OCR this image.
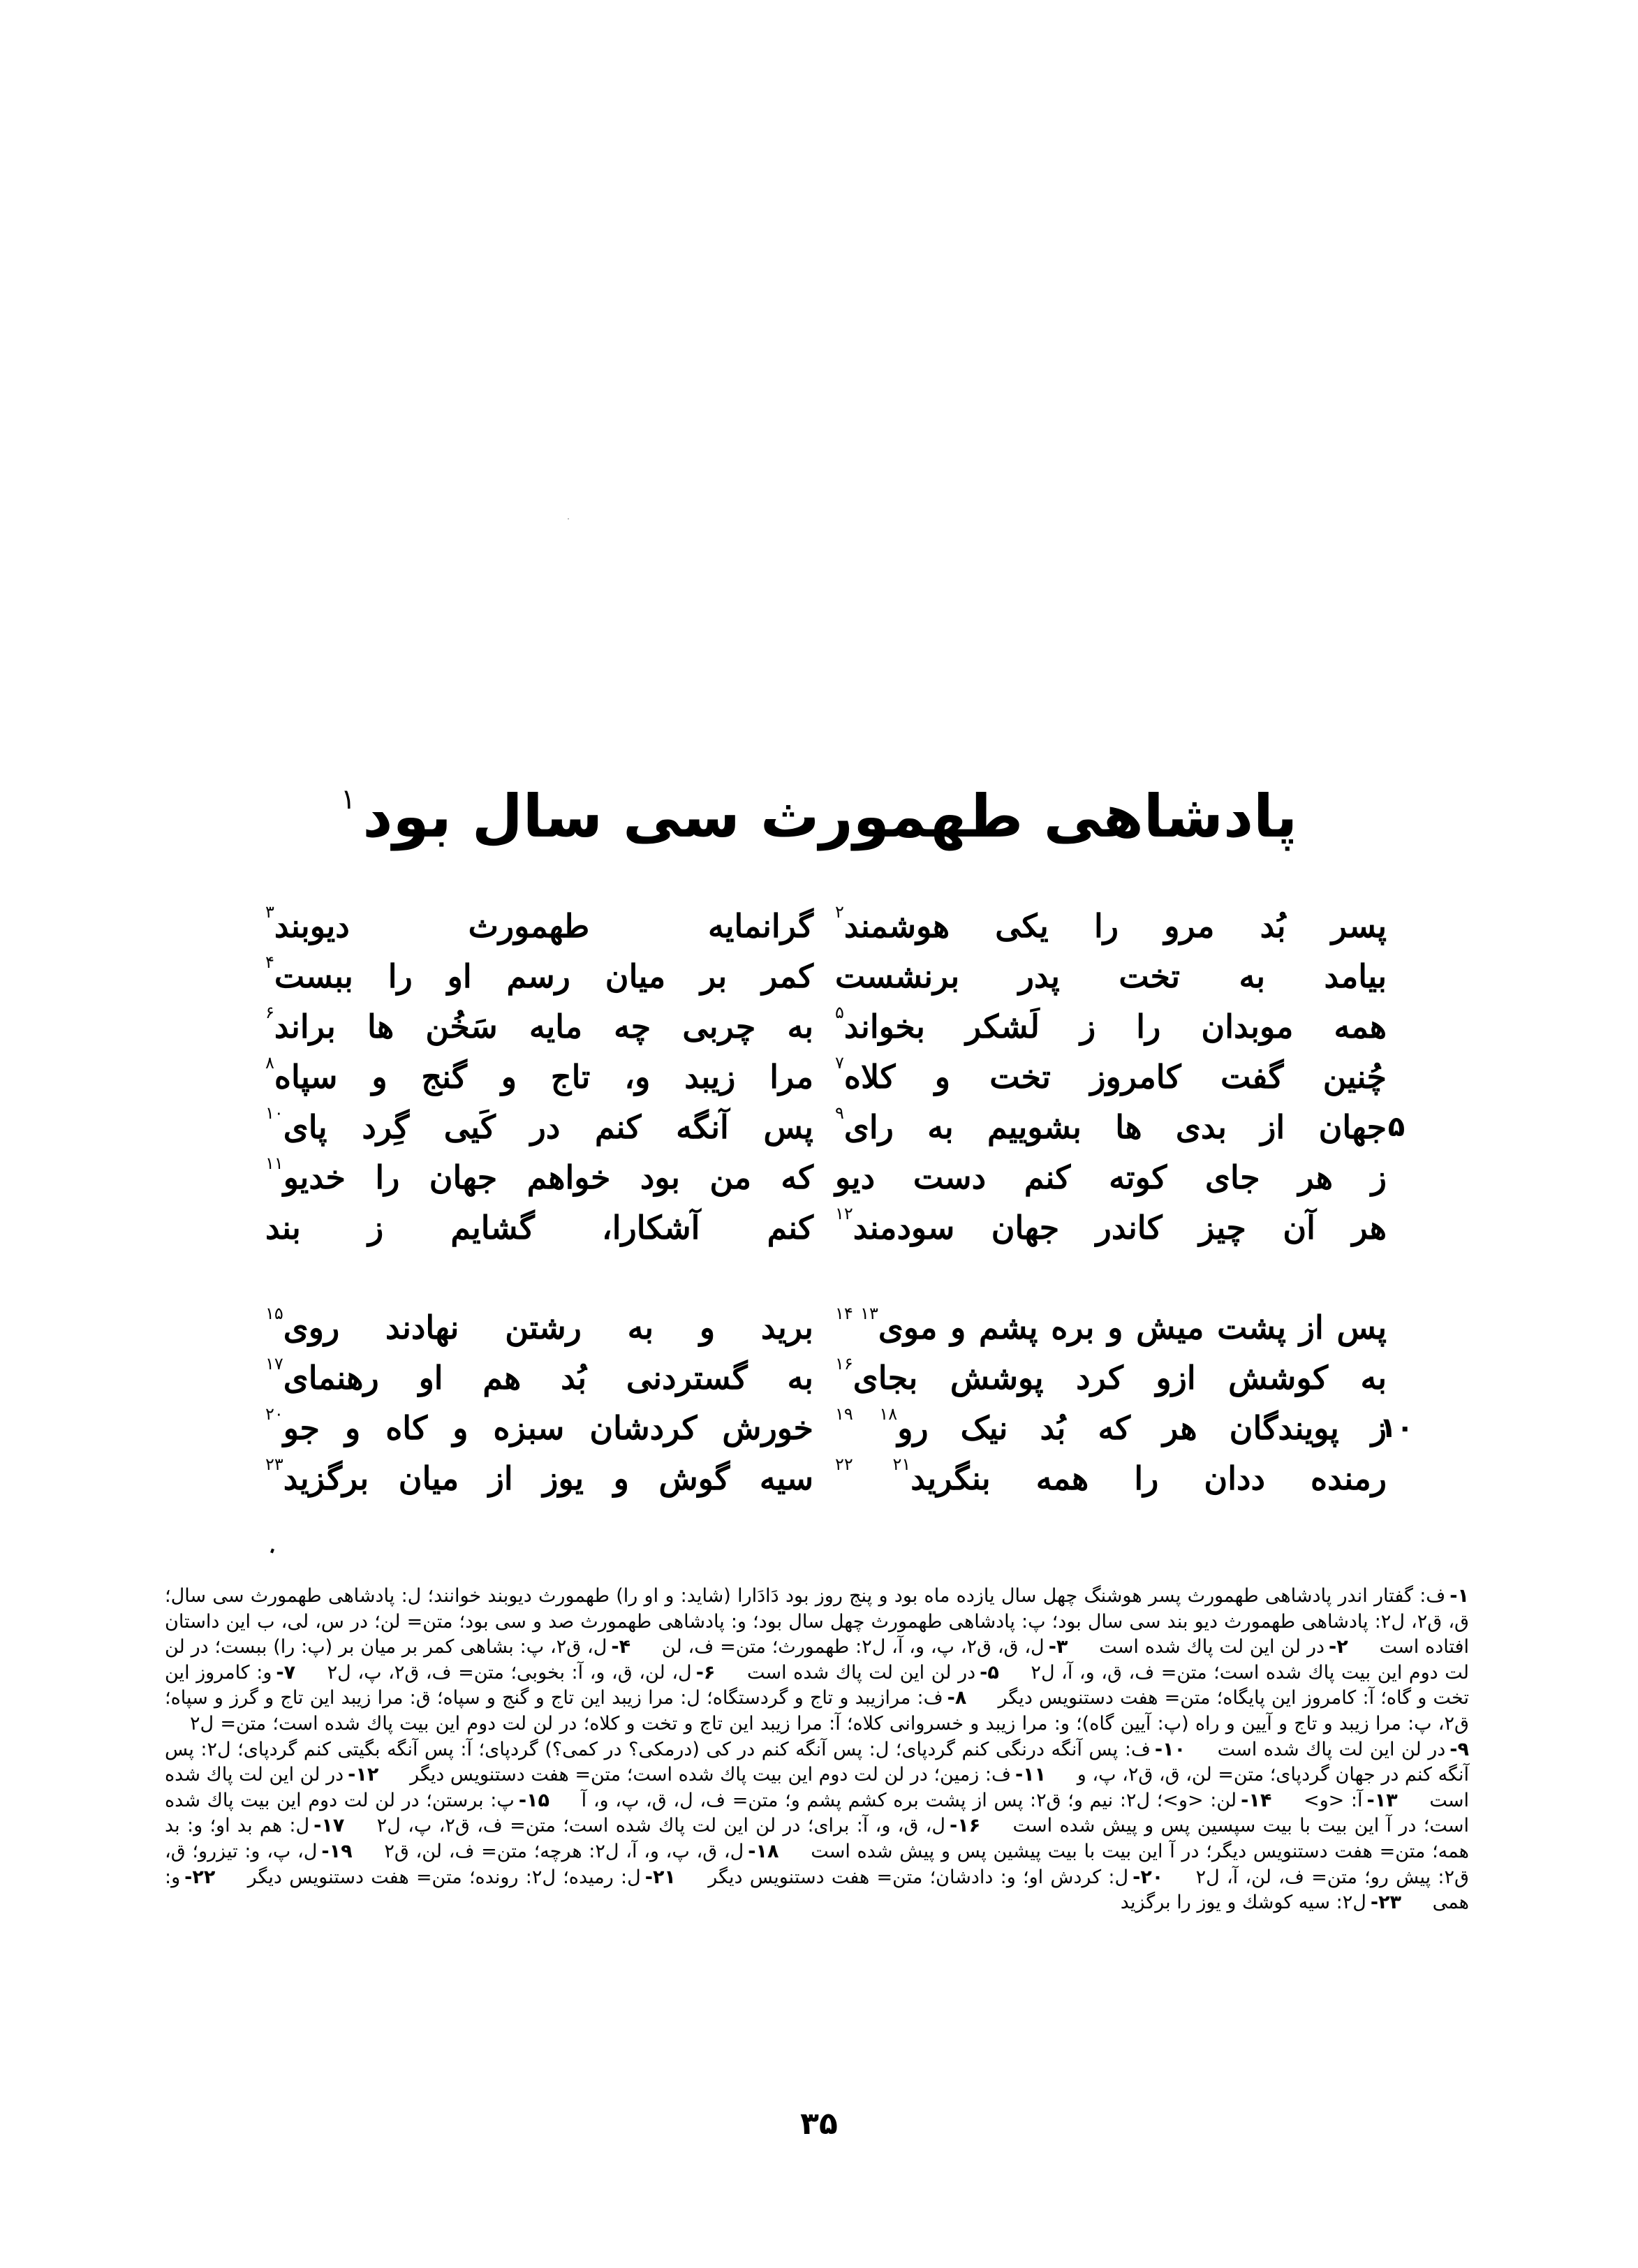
پادشاهی طهمورث سی سال بود$^۱$
پسر بُد مرو را یکی هوشمند$^۲$
گرانمایه طهمورث دیوبند$^۳$
بیامد به تخت پدر برنشست
کمر بر میان رسم او را ببست$^۴$
همه موبدان را ز لَشکر بخواند$^۵$
به چربی چه مایه سَخُن ها براند$^۶$
چُنین گفت کامروز تخت و کلاه$^۷$
مرا زیبد و، تاج و گنج و سپاه$^۸$
۵
جهان از بدی ها بشوییم به رای$^۹$
پس آنگه کنم در کَیی گِرد پای$^{۱۰}$
ز هر جای کوته کنم دست دیو
که من بود خواهم جهان را خدیو$^{۱۱}$
هر آن چیز کاندر جهان سودمند$^{۱۲}$
کنم آشکارا، گشایم ز بند
پس از پشت میش و بره پشم و موی$^{۱۳ ۱۴}$
برید و به رشتن نهادند روی$^{۱۵}$
به کوشش ازو کرد پوشش بجای$^{۱۶}$
به گستردنی بُد هم او رهنمای$^{۱۷}$
۱۰
ز پویندگان هر که بُد نیک رو$^{۱۸ ۱۹}$
خورش کردشان سبزه و کاه و جو$^{۲۰}$
رمنده ددان را همه بنگرید$^{۲۱ ۲۲}$
سیه گوش و یوز از میان برگزید$^{۲۳}$
۱-ف: گفتار اندر پادشاهی طهمورث پسر هوشنگ چهل سال یازده ماه بود و پنج روز بود دَادَارا (شاید: و او را) طهمورث دیوبند خوانند؛ ل: پادشاهی طهمورث سی سال؛ ق، ق۲، ل۲: پادشاهی طهمورث دیو بند سی سال بود؛ پ: پادشاهی طهمورث چهل سال بود؛ و: پادشاهی طهمورث صد و سی بود؛ متن= لن؛ در س، لی، ب این داستان افتاده است ۲-در لن این لت پاك شده است ۳-ل، ق، ق۲، پ، و، آ، ل۲: طهمورث؛ متن= ف، لن ۴-ل، ق۲، پ: بشاهی کمر بر میان بر (پ: را) ببست؛ در لن لت دوم این بیت پاك شده است؛ متن= ف، ق، و، آ، ل۲ ۵-در لن این لت پاك شده است ۶-ل، لن، ق، و، آ: بخوبی؛ متن= ف، ق۲، پ، ل۲ ۷-و: کامروز این تخت و گاه؛ آ: کامروز این پایگاه؛ متن= هفت دستنویس دیگر ۸-ف: مرازیبد و تاج و گردستگاه؛ ل: مرا زیبد این تاج و گنج و سپاه؛ ق: مرا زیبد این تاج و گرز و سپاه؛ ق۲، پ: مرا زیبد و تاج و آیین و راه (پ: آیین گاه)؛ و: مرا زیبد و خسروانی کلاه؛ آ: مرا زیبد این تاج و تخت و کلاه؛ در لن لت دوم این بیت پاك شده است؛ متن= ل۲ ۹-در لن این لت پاك شده است ۱۰-ف: پس آنگه درنگی کنم گردپای؛ ل: پس آنگه کنم در کی (درمکی؟ در کمی؟) گردپای؛ آ: پس آنگه بگیتی کنم گردپای؛ ل۲: پس آنگه کنم در جهان گردپای؛ متن= لن، ق، ق۲، پ، و ۱۱-ف: زمین؛ در لن لت دوم این بیت پاك شده است؛ متن= هفت دستنویس دیگر ۱۲-در لن این لت پاك شده است ۱۳-آ: <و> ۱۴-لن: <و>؛ ل۲: نیم و؛ ق۲: پس از پشت بره کشم پشم و؛ متن= ف، ل، ق، پ، و، آ ۱۵-پ: برستن؛ در لن لت دوم این بیت پاك شده است؛ در آ این بیت با بیت سپسین پس و پیش شده است ۱۶-ل، ق، و، آ: برای؛ در لن این لت پاك شده است؛ متن= ف، ق۲، پ، ل۲ ۱۷-ل: هم بد او؛ و: بد همه؛ متن= هفت دستنویس دیگر؛ در آ این بیت با بیت پیشین پس و پیش شده است ۱۸-ل، ق، پ، و، آ، ل۲: هرچه؛ متن= ف، لن، ق۲ ۱۹-ل، پ، و: تیزرو؛ ق، ق۲: پیش رو؛ متن= ف، لن، آ، ل۲ ۲۰-ل: کردش او؛ و: دادشان؛ متن= هفت دستنویس دیگر ۲۱-ل: رمیده؛ ل۲: رونده؛ متن= هفت دستنویس دیگر ۲۲-و: همی ۲۳-ل۲: سیه کوشك و یوز را برگزید
۳۵
